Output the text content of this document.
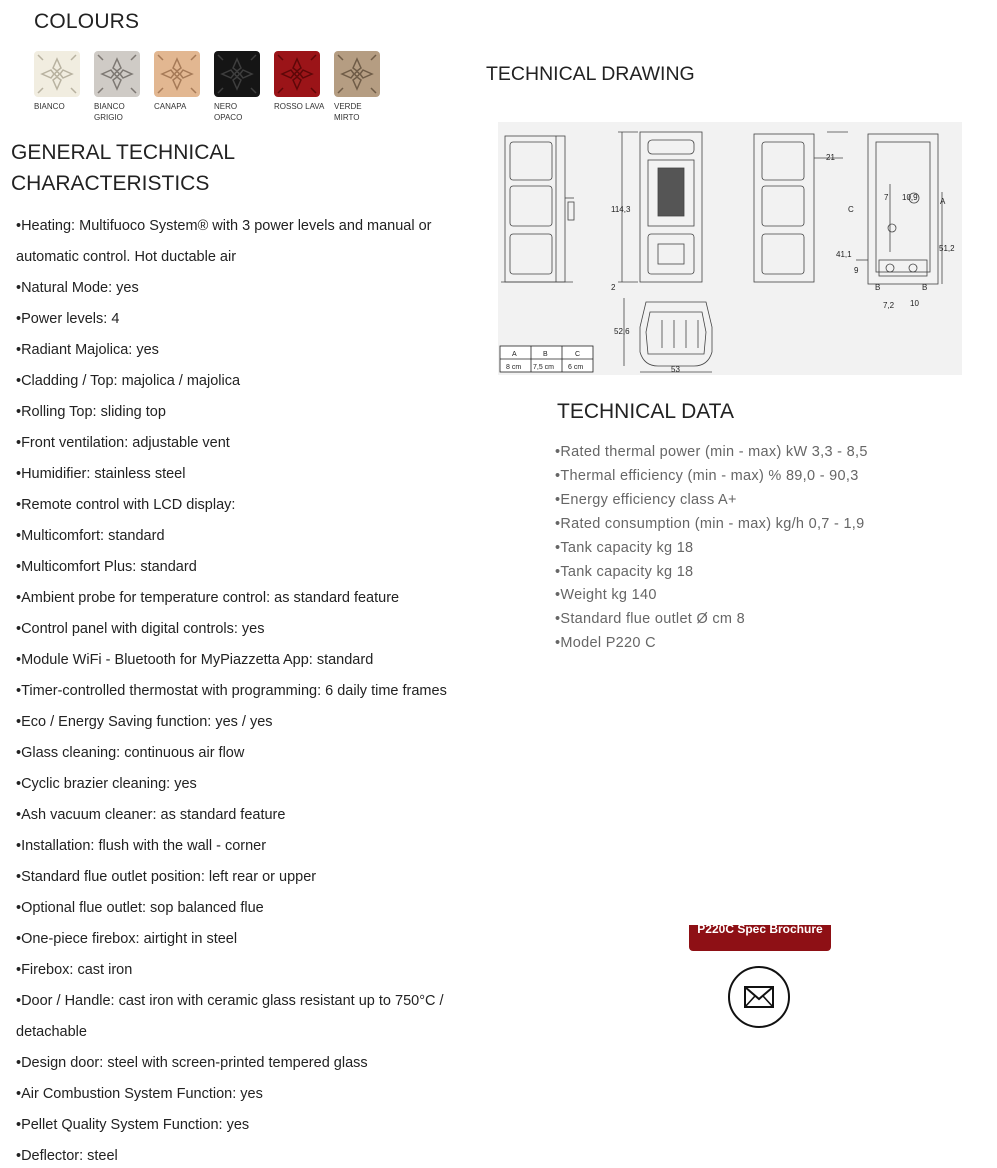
COLOURS
BIANCO	BIANCO
GRIGIO
CANAPA	NERO
OPACO
ROSSO LAVA	VERDE
MIRTO
GENERAL TECHNICAL
CHARACTERISTICS
•Heating: Multifuoco System® with 3 power levels and manual or
automatic control. Hot ductable air
•Natural Mode: yes
•Power levels: 4
•Radiant Majolica: yes
•Cladding / Top: majolica / majolica
•Rolling Top: sliding top
•Front ventilation: adjustable vent
•Humidifier: stainless steel
•Remote control with LCD display:
•Multicomfort: standard
•Multicomfort Plus: standard
•Ambient probe for temperature control: as standard feature
•Control panel with digital controls: yes
•Module WiFi - Bluetooth for MyPiazzetta App: standard
•Timer-controlled thermostat with programming: 6 daily time frames
•Eco / Energy Saving function: yes / yes
•Glass cleaning: continuous air flow
•Cyclic brazier cleaning: yes
•Ash vacuum cleaner: as standard feature
•Installation: flush with the wall - corner
•Standard flue outlet position: left rear or upper
•Optional flue outlet: sop balanced flue
•One-piece firebox: airtight in steel
•Firebox: cast iron
•Door / Handle: cast iron with ceramic glass resistant up to 750°C /
detachable
•Design door: steel with screen-printed tempered glass
•Air Combustion System Function: yes
•Pellet Quality System Function: yes
•Deflector: steel
TECHNICAL DRAWING
114,3
21
7 10,9	A
C
41,1
51,2
9
B	B
7,2 10
2
52,6
53
A	B	C
8 cm 7,5 cm 6 cm
TECHNICAL DATA
•Rated thermal power (min - max) kW 3,3 - 8,5
•Thermal efficiency (min - max) % 89,0 - 90,3
•Energy efficiency class A+
•Rated consumption (min - max) kg/h 0,7 - 1,9
•Tank capacity kg 18
•Tank capacity kg 18
•Weight kg 140
•Standard flue outlet Ø cm 8
•Model P220 C
P220C Spec Brochure
